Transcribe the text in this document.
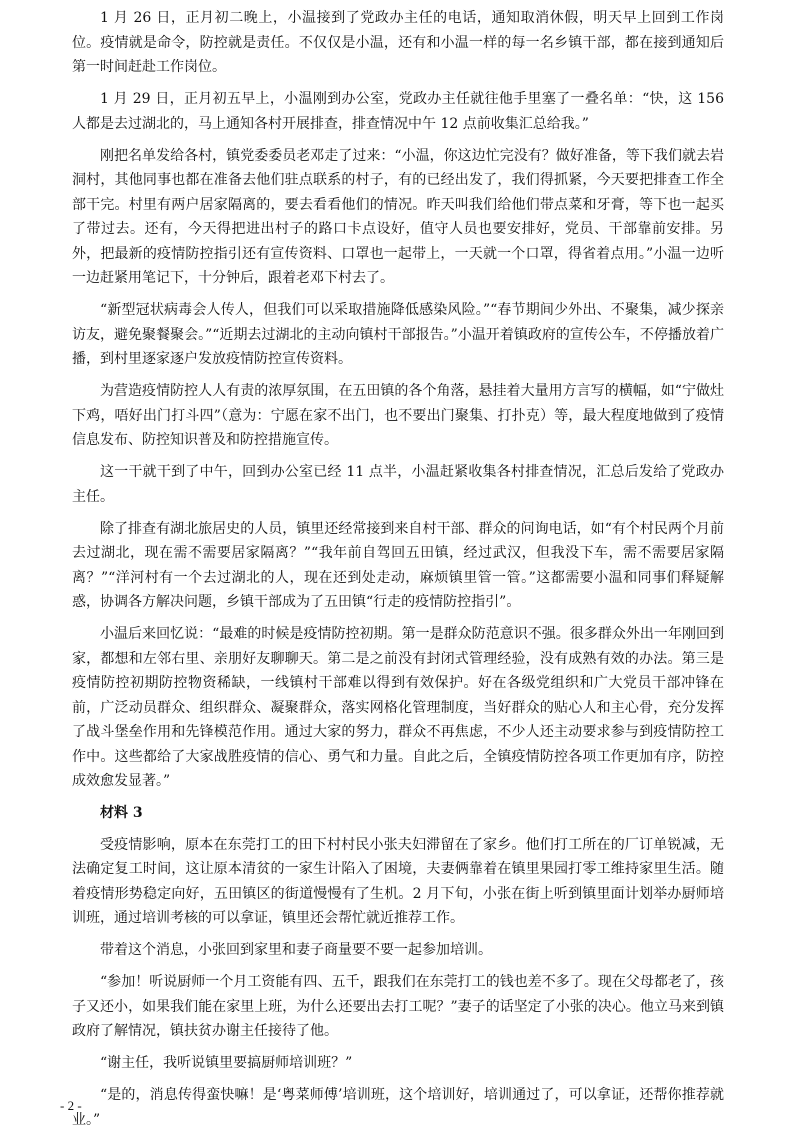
1 月 26 日，正月初二晚上，小温接到了党政办主任的电话，通知取消休假，明天早上回到工作岗位。疫情就是命令，防控就是责任。不仅仅是小温，还有和小温一样的每一名乡镇干部，都在接到通知后第一时间赶赴工作岗位。

1 月 29 日，正月初五早上，小温刚到办公室，党政办主任就往他手里塞了一叠名单：“快，这 156 人都是去过湖北的，马上通知各村开展排查，排查情况中午 12 点前收集汇总给我。”

刚把名单发给各村，镇党委委员老邓走了过来：“小温，你这边忙完没有？做好准备，等下我们就去岩洞村，其他同事也都在准备去他们驻点联系的村子，有的已经出发了，我们得抓紧，今天要把排查工作全部干完。村里有两户居家隔离的，要去看看他们的情况。昨天叫我们给他们带点菜和牙膏，等下也一起买了带过去。还有，今天得把进出村子的路口卡点设好，值守人员也要安排好，党员、干部靠前安排。另外，把最新的疫情防控指引还有宣传资料、口罩也一起带上，一天就一个口罩，得省着点用。”小温一边听一边赶紧用笔记下，十分钟后，跟着老邓下村去了。

“新型冠状病毒会人传人，但我们可以采取措施降低感染风险。”“春节期间少外出、不聚集，减少探亲访友，避免聚餐聚会。”“近期去过湖北的主动向镇村干部报告。”小温开着镇政府的宣传公车，不停播放着广播，到村里逐家逐户发放疫情防控宣传资料。

为营造疫情防控人人有责的浓厚氛围，在五田镇的各个角落，悬挂着大量用方言写的横幅，如“宁做灶下鸡，唔好出门打斗四”（意为：宁愿在家不出门，也不要出门聚集、打扑克）等，最大程度地做到了疫情信息发布、防控知识普及和防控措施宣传。

这一干就干到了中午，回到办公室已经 11 点半，小温赶紧收集各村排查情况，汇总后发给了党政办主任。

除了排查有湖北旅居史的人员，镇里还经常接到来自村干部、群众的问询电话，如“有个村民两个月前去过湖北，现在需不需要居家隔离？”“我年前自驾回五田镇，经过武汉，但我没下车，需不需要居家隔离？”“洋河村有一个去过湖北的人，现在还到处走动，麻烦镇里管一管。”这都需要小温和同事们释疑解惑，协调各方解决问题，乡镇干部成为了五田镇“行走的疫情防控指引”。

小温后来回忆说：“最难的时候是疫情防控初期。第一是群众防范意识不强。很多群众外出一年刚回到家，都想和左邻右里、亲朋好友聊聊天。第二是之前没有封闭式管理经验，没有成熟有效的办法。第三是疫情防控初期防控物资稀缺，一线镇村干部难以得到有效保护。好在各级党组织和广大党员干部冲锋在前，广泛动员群众、组织群众、凝聚群众，落实网格化管理制度，当好群众的贴心人和主心骨，充分发挥了战斗堡垒作用和先锋模范作用。通过大家的努力，群众不再焦虑，不少人还主动要求参与到疫情防控工作中。这些都给了大家战胜疫情的信心、勇气和力量。自此之后，全镇疫情防控各项工作更加有序，防控成效愈发显著。”

材料 3

受疫情影响，原本在东莞打工的田下村村民小张夫妇滞留在了家乡。他们打工所在的厂订单锐减，无法确定复工时间，这让原本清贫的一家生计陷入了困境，夫妻俩靠着在镇里果园打零工维持家里生活。随着疫情形势稳定向好，五田镇区的街道慢慢有了生机。2 月下旬，小张在街上听到镇里面计划举办厨师培训班，通过培训考核的可以拿证，镇里还会帮忙就近推荐工作。

带着这个消息，小张回到家里和妻子商量要不要一起参加培训。

“参加！听说厨师一个月工资能有四、五千，跟我们在东莞打工的钱也差不多了。现在父母都老了，孩子又还小，如果我们能在家里上班，为什么还要出去打工呢？”妻子的话坚定了小张的决心。他立马来到镇政府了解情况，镇扶贫办谢主任接待了他。

“谢主任，我听说镇里要搞厨师培训班？”

“是的，消息传得蛮快嘛！是‘粤菜师傅’培训班，这个培训好，培训通过了，可以拿证，还帮你推荐就业。”

- 2 -
